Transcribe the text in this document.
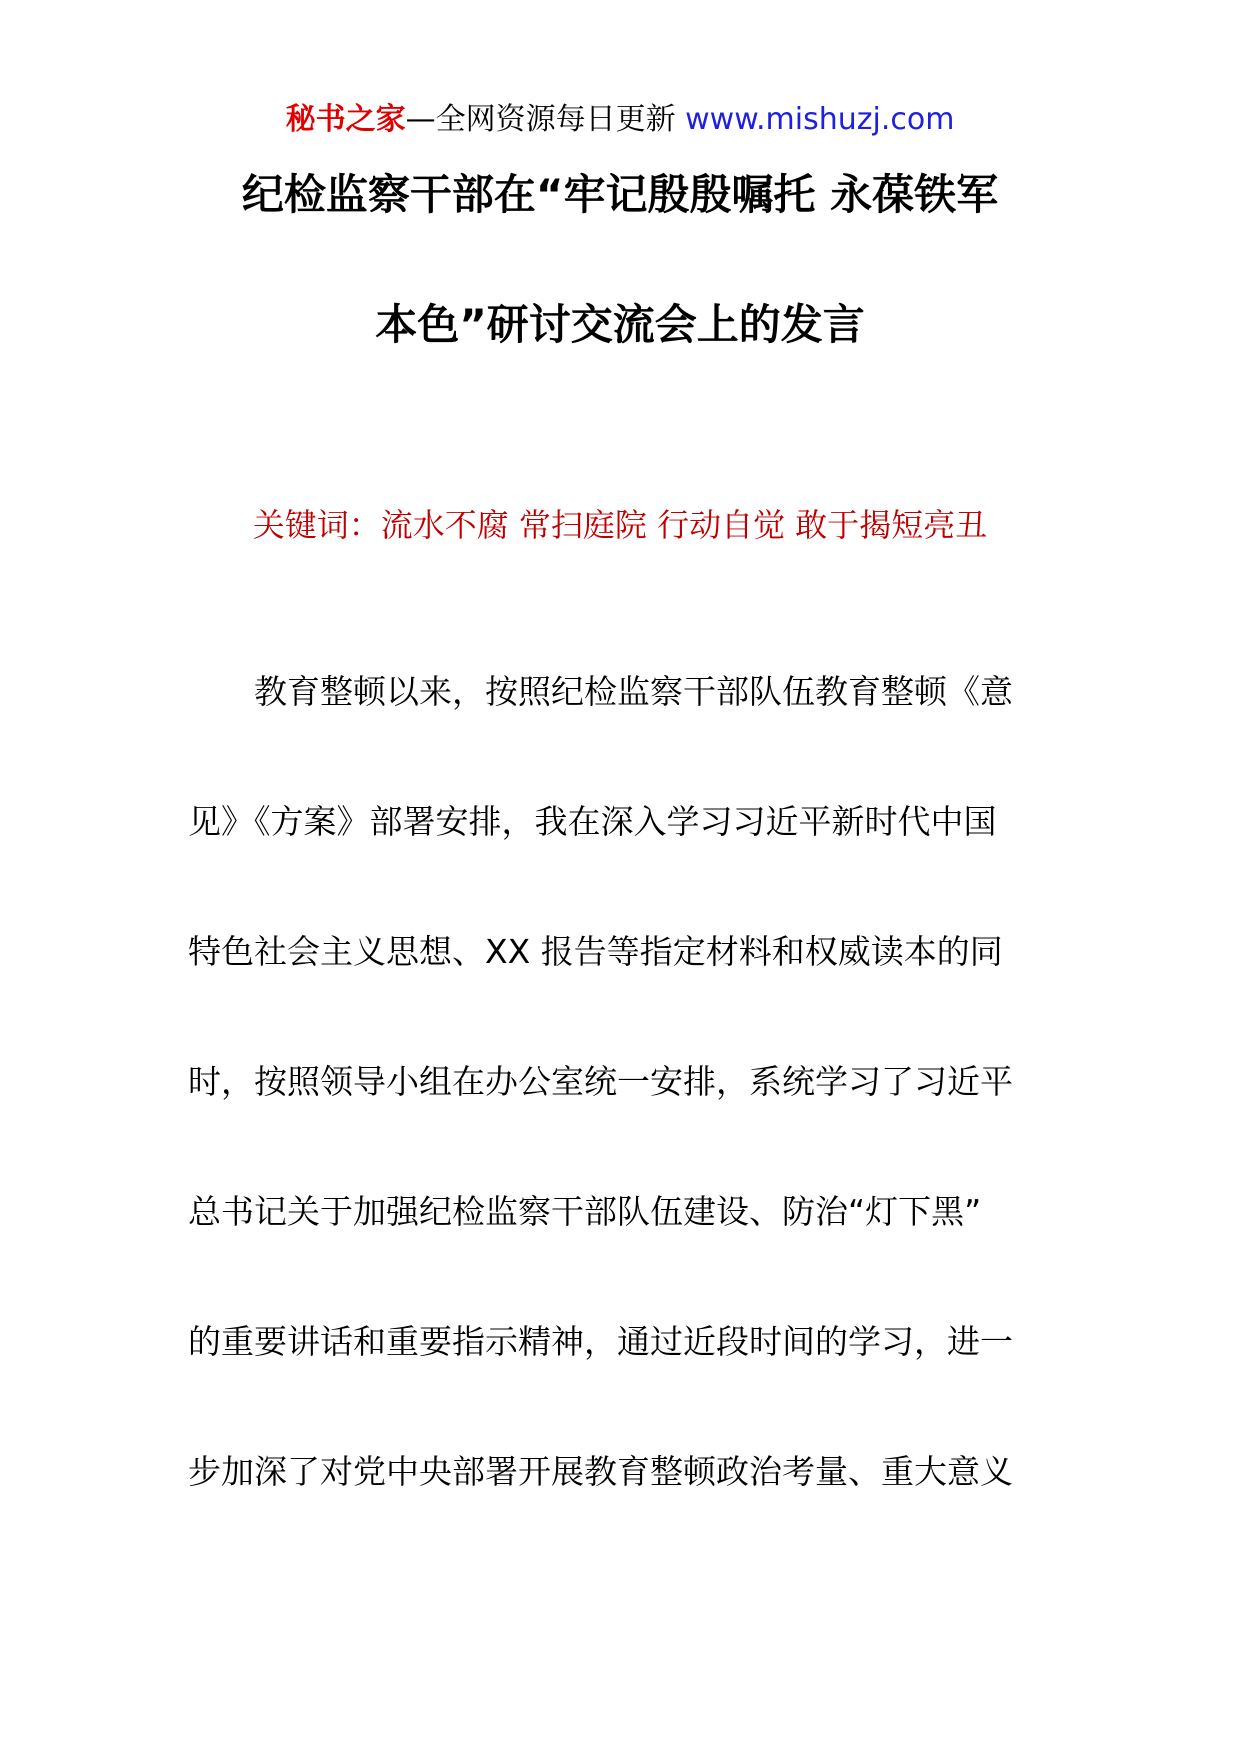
秘书之家—全网资源每日更新 www.mishuzj.com
纪检监察干部在“牢记殷殷嘱托 永葆铁军
本色”研讨交流会上的发言
关键词：流水不腐 常扫庭院 行动自觉 敢于揭短亮丑
教育整顿以来，按照纪检监察干部队伍教育整顿《意
见》《方案》部署安排，我在深入学习习近平新时代中国
特色社会主义思想、XX 报告等指定材料和权威读本的同
时，按照领导小组在办公室统一安排，系统学习了习近平
总书记关于加强纪检监察干部队伍建设、防治“灯下黑”
的重要讲话和重要指示精神，通过近段时间的学习，进一
步加深了对党中央部署开展教育整顿政治考量、重大意义
